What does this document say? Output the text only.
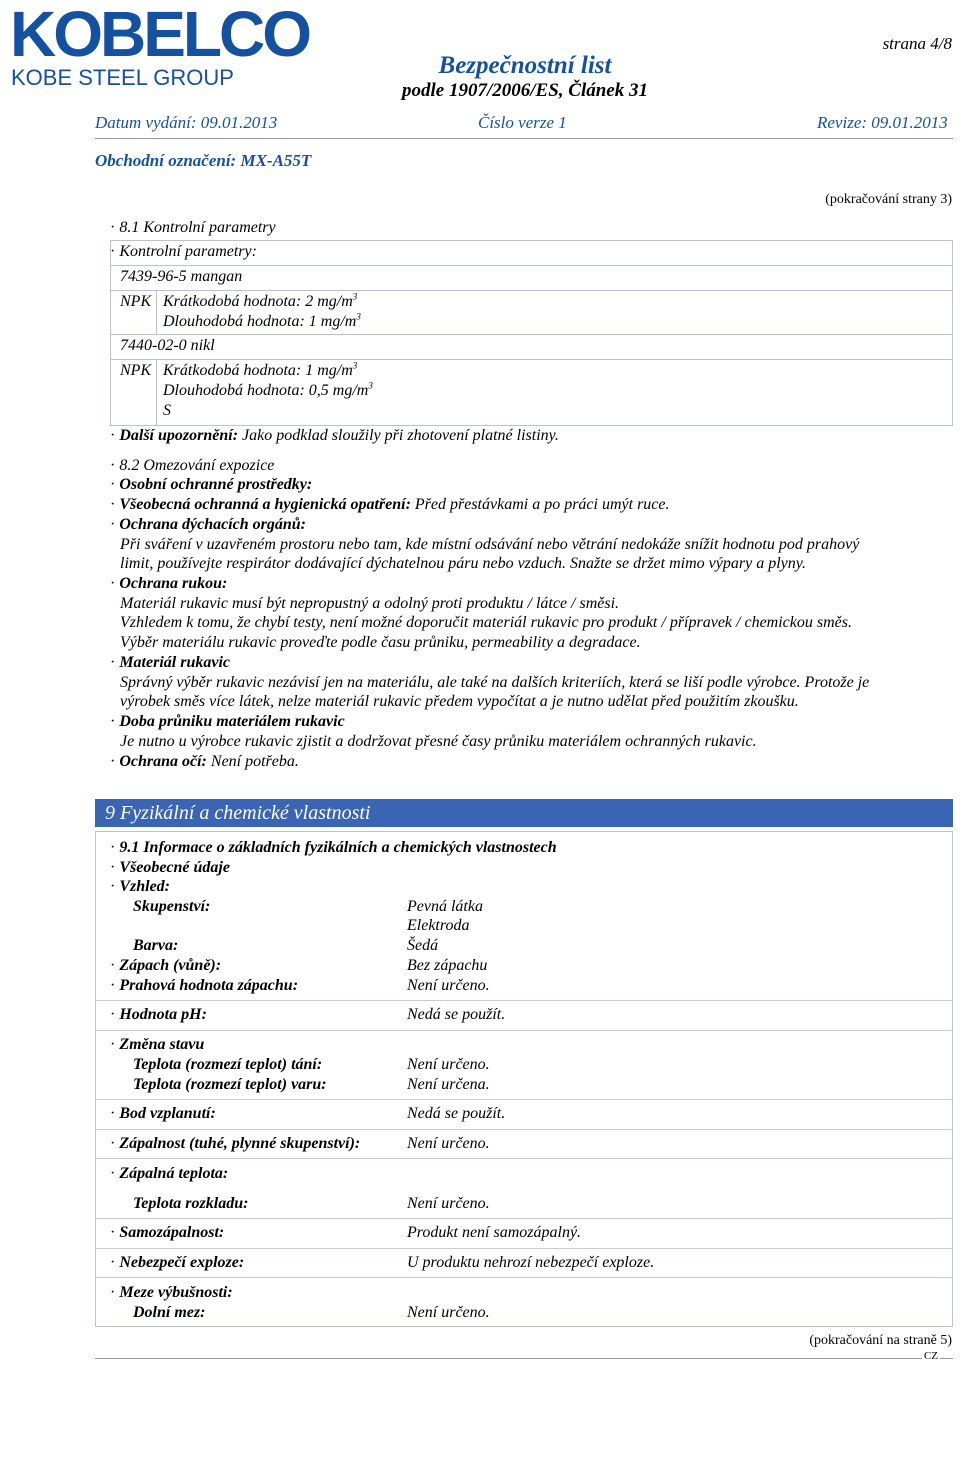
KOBELCO
KOBE STEEL GROUP	Bezpečnostní list
podle 1907/2006/ES, Článek 31
strana 4/8
Datum vydání: 09.01.2013	Číslo verze 1	Revize: 09.01.2013
Obchodní označení: MX-A55T
(pokračování strany 3)
· 8.1 Kontrolní parametry
· Kontrolní parametry:
7439-96-5 mangan
NPK Krátkodobá hodnota: 2 $mg/m^3$
Dlouhodobá hodnota: 1 $mg/m^3$
7440-02-0 nikl
NPK Krátkodobá hodnota: 1 $mg/m^3$
Dlouhodobá hodnota: 0,5 $mg/m^3$
S
· Další upozornění: Jako podklad sloužily při zhotovení platné listiny.
· 8.2 Omezování expozice
· Osobní ochranné prostředky:
· Všeobecná ochranná a hygienická opatření: Před přestávkami a po práci umýt ruce.
· Ochrana dýchacích orgánů:
Při sváření v uzavřeném prostoru nebo tam, kde místní odsávání nebo větrání nedokáže snížit hodnotu pod prahový
limit, používejte respirátor dodávající dýchatelnou páru nebo vzduch. Snažte se držet mimo výpary a plyny.
· Ochrana rukou:
Materiál rukavic musí být nepropustný a odolný proti produktu / látce / směsi.
Vzhledem k tomu, že chybí testy, není možné doporučit materiál rukavic pro produkt / přípravek / chemickou směs.
Výběr materiálu rukavic proveďte podle času průniku, permeability a degradace.
· Materiál rukavic
Správný výběr rukavic nezávisí jen na materiálu, ale také na dalších kriteriích, která se liší podle výrobce. Protože je
výrobek směs více látek, nelze materiál rukavic předem vypočítat a je nutno udělat před použitím zkoušku.
· Doba průniku materiálem rukavic
Je nutno u výrobce rukavic zjistit a dodržovat přesné časy průniku materiálem ochranných rukavic.
· Ochrana očí: Není potřeba.
9 Fyzikální a chemické vlastnosti
· 9.1 Informace o základních fyzikálních a chemických vlastnostech
· Všeobecné údaje
· Vzhled:
Skupenství:	Pevná látka
Elektroda
Barva:	Šedá
· Zápach (vůně):	Bez zápachu
· Prahová hodnota zápachu:	Není určeno.
· Hodnota pH:	Nedá se použít.
· Změna stavu
Teplota (rozmezí teplot) tání:	Není určeno.
Teplota (rozmezí teplot) varu:	Není určena.
· Bod vzplanutí:	Nedá se použít.
· Zápalnost (tuhé, plynné skupenství):	Není určeno.
· Zápalná teplota:
Teplota rozkladu:	Není určeno.
· Samozápalnost:	Produkt není samozápalný.
· Nebezpečí exploze:	U produktu nehrozí nebezpečí exploze.
· Meze výbušnosti:
Dolní mez:	Není určeno.
(pokračování na straně 5)
CZ
